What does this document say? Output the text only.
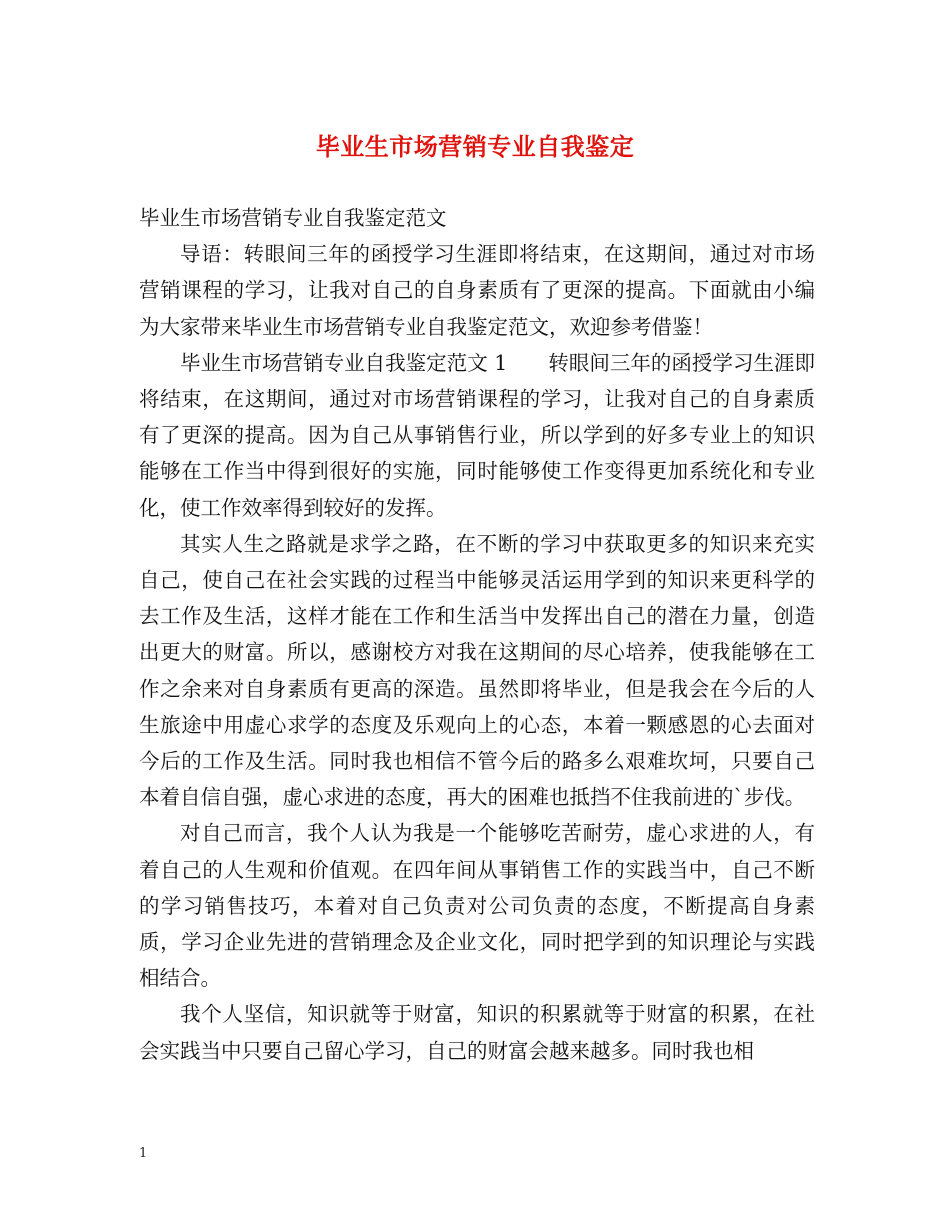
毕业生市场营销专业自我鉴定

毕业生市场营销专业自我鉴定范文

导语：转眼间三年的函授学习生涯即将结束，在这期间，通过对市场营销课程的学习，让我对自己的自身素质有了更深的提高。下面就由小编为大家带来毕业生市场营销专业自我鉴定范文，欢迎参考借鉴！

毕业生市场营销专业自我鉴定范文 1　　转眼间三年的函授学习生涯即将结束，在这期间，通过对市场营销课程的学习，让我对自己的自身素质有了更深的提高。因为自己从事销售行业，所以学到的好多专业上的知识能够在工作当中得到很好的实施，同时能够使工作变得更加系统化和专业化，使工作效率得到较好的发挥。

其实人生之路就是求学之路，在不断的学习中获取更多的知识来充实自己，使自己在社会实践的过程当中能够灵活运用学到的知识来更科学的去工作及生活，这样才能在工作和生活当中发挥出自己的潜在力量，创造出更大的财富。所以，感谢校方对我在这期间的尽心培养，使我能够在工作之余来对自身素质有更高的深造。虽然即将毕业，但是我会在今后的人生旅途中用虚心求学的态度及乐观向上的心态，本着一颗感恩的心去面对今后的工作及生活。同时我也相信不管今后的路多么艰难坎坷，只要自己本着自信自强，虚心求进的态度，再大的困难也抵挡不住我前进的`步伐。

对自己而言，我个人认为我是一个能够吃苦耐劳，虚心求进的人，有着自己的人生观和价值观。在四年间从事销售工作的实践当中，自己不断的学习销售技巧，本着对自己负责对公司负责的态度，不断提高自身素质，学习企业先进的营销理念及企业文化，同时把学到的知识理论与实践相结合。

我个人坚信，知识就等于财富，知识的积累就等于财富的积累，在社会实践当中只要自己留心学习，自己的财富会越来越多。同时我也相

1
